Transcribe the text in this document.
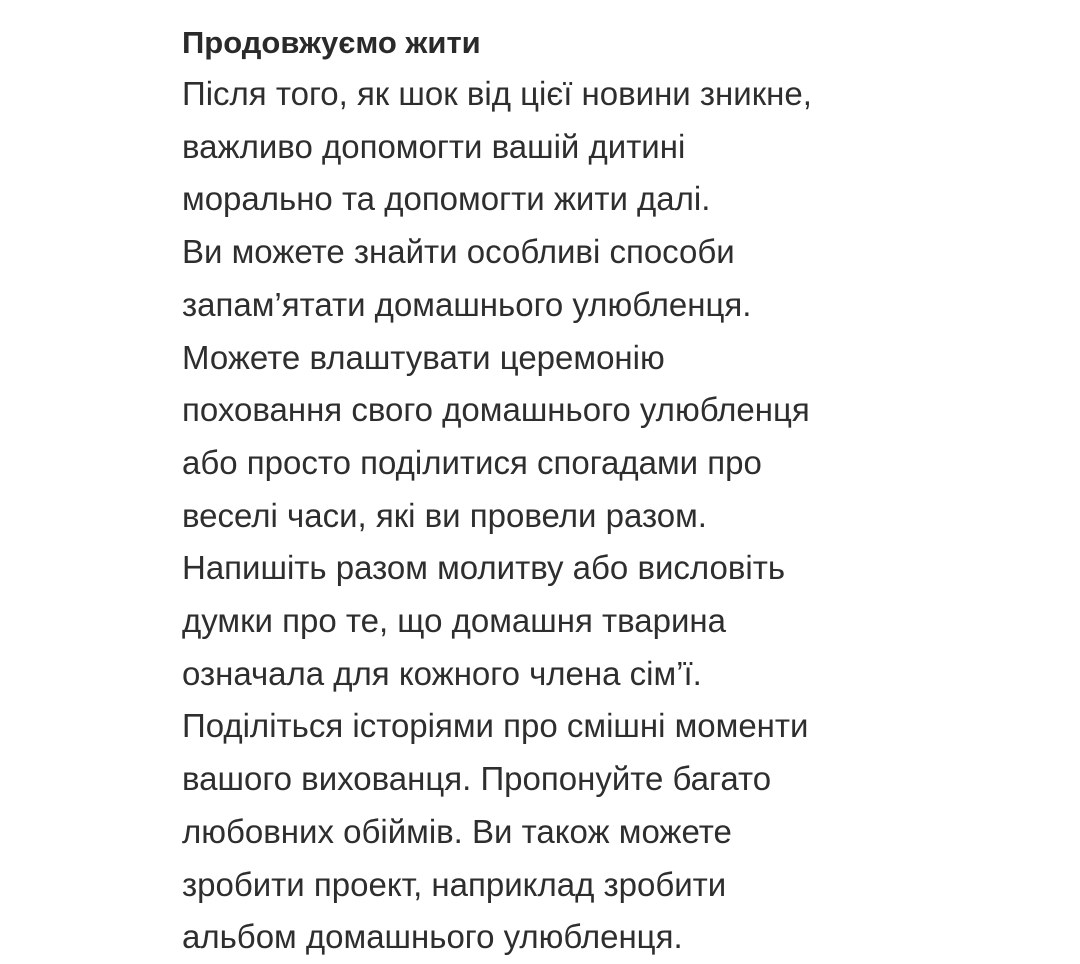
Продовжуємо жити

Після того, як шок від цієї новини зникне,

важливо допомогти вашій дитині

морально та допомогти жити далі.

Ви можете знайти особливі способи

запам’ятати домашнього улюбленця.

Можете влаштувати церемонію

поховання свого домашнього улюбленця

або просто поділитися спогадами про

веселі часи, які ви провели разом.

Напишіть разом молитву або висловіть

думки про те, що домашня тварина

означала для кожного члена сім’ї.

Поділіться історіями про смішні моменти

вашого вихованця. Пропонуйте багато

любовних обіймів. Ви також можете

зробити проект, наприклад зробити

альбом домашнього улюбленця.
